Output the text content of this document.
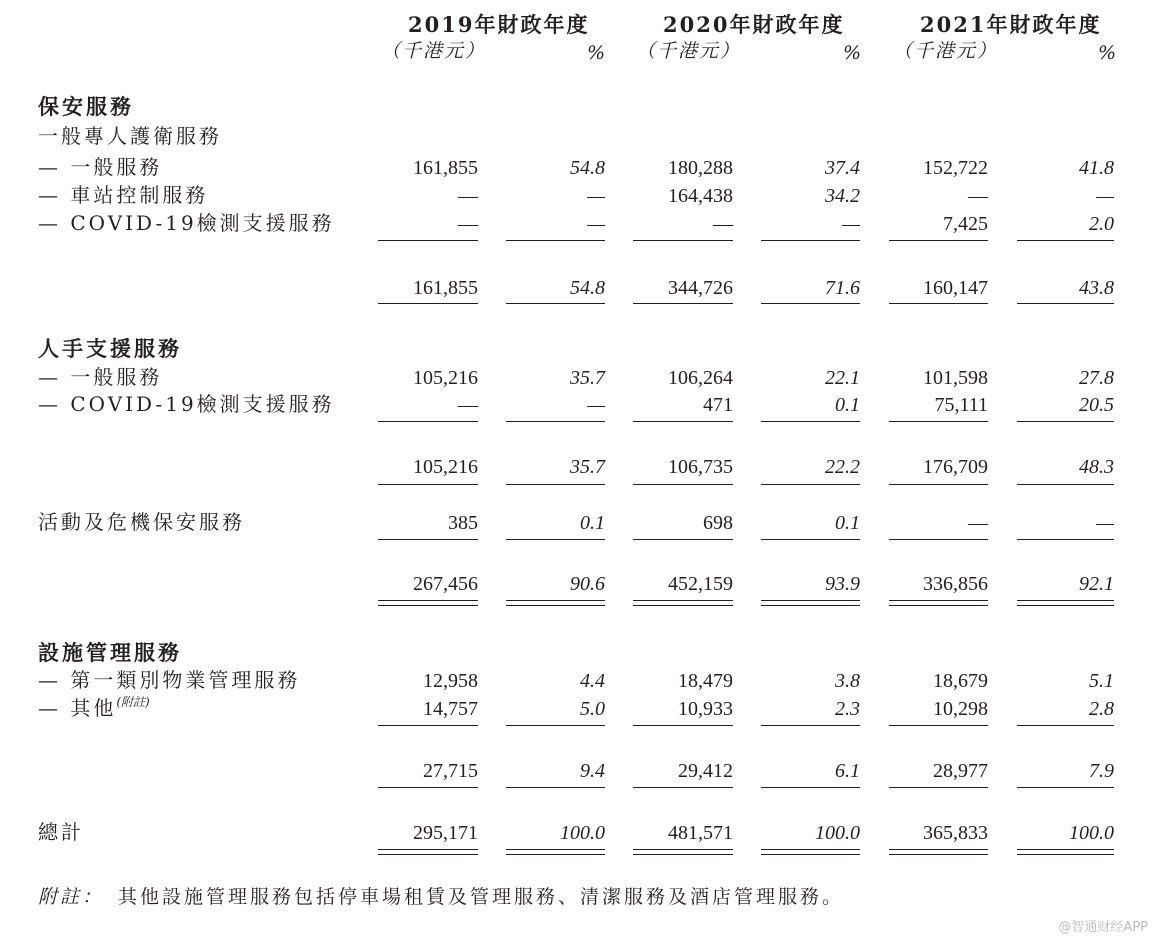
2019年財政年度	2020年財政年度	2021年財政年度
（千港元）	（千港元）	（千港元）
%	%	%
保安服務
一般專人護衛服務
— 一般服務	161,855	54.8	180,288	37.4	152,722	41.8
— 車站控制服務	—	—	164,438	34.2	—	—
— COVID-19檢測支援服務	—	—	—	—	7,425	2.0
161,855	54.8	344,726	71.6	160,147	43.8
人手支援服務
— 一般服務	105,216	35.7	106,264	22.1	101,598	27.8
— COVID-19檢測支援服務	—	—	471	0.1	75,111	20.5
105,216	35.7	106,735	22.2	176,709	48.3
活動及危機保安服務	385	0.1	698	0.1	—	—
267,456	90.6	452,159	93.9	336,856	92.1
設施管理服務
— 第一類別物業管理服務	12,958	4.4	18,479	3.8	18,679	5.1
— 其他$^{(附註)}$	14,757	5.0	10,933	2.3	10,298	2.8
27,715	9.4	29,412	6.1	28,977	7.9
總計	295,171	100.0	481,571	100.0	365,833	100.0
附註： 其他設施管理服務包括停車場租賃及管理服務、清潔服務及酒店管理服務。
@智通财经APP
